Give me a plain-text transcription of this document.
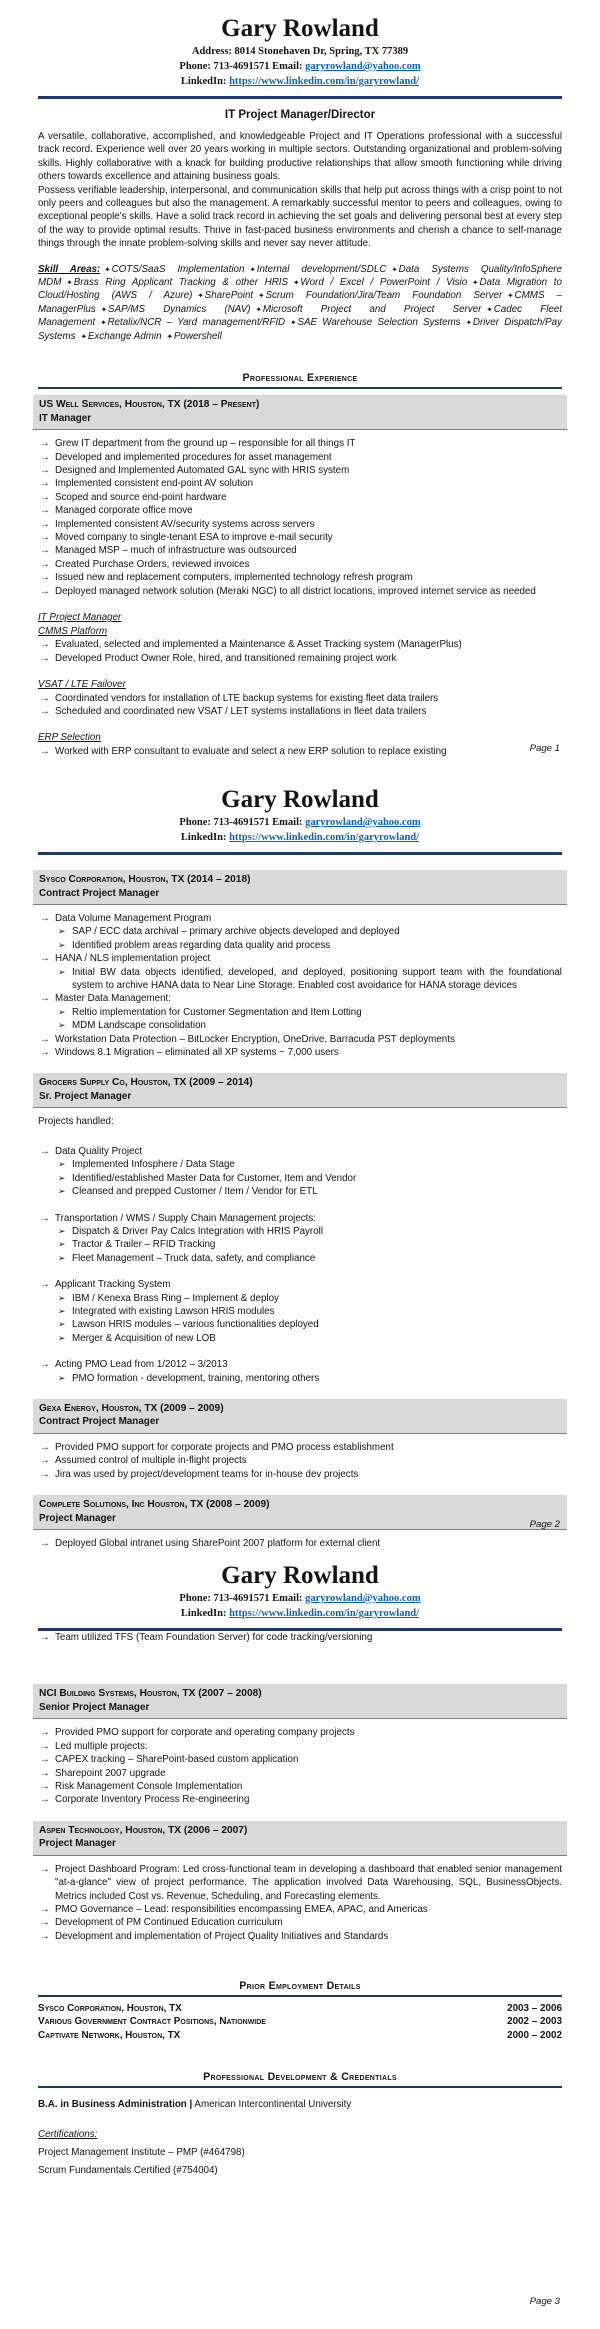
Gary Rowland
Address: 8014 Stonehaven Dr, Spring, TX 77389
Phone: 713-4691571 Email: garyrowland@yahoo.com
LinkedIn: https://www.linkedin.com/in/garyrowland/
IT Project Manager/Director

A versatile, collaborative, accomplished, and knowledgeable Project and IT Operations professional with a successful track record. Experience well over 20 years working in multiple sectors. Outstanding organizational and problem-solving skills. Highly collaborative with a knack for building productive relationships that allow smooth functioning while driving others towards excellence and attaining business goals.

Possess verifiable leadership, interpersonal, and communication skills that help put across things with a crisp point to not only peers and colleagues but also the management. A remarkably successful mentor to peers and colleagues, owing to exceptional people's skills. Have a solid track record in achieving the set goals and delivering personal best at every step of the way to provide optimal results. Thrive in fast-paced business environments and cherish a chance to self-manage things through the innate problem-solving skills and never say never attitude.

Skill Areas: ✦COTS/SaaS Implementation ✦Internal development/SDLC ✦Data Systems Quality/InfoSphere MDM ✦Brass Ring Applicant Tracking & other HRIS ✦Word / Excel / PowerPoint / Visio ✦Data Migration to Cloud/Hosting (AWS / Azure) ✦SharePoint ✦Scrum Foundation/Jira/Team Foundation Server ✦CMMS – ManagerPlus ✦SAP/MS Dynamics (NAV) ✦Microsoft Project and Project Server ✦Cadec Fleet Management ✦Retalix/NCR – Yard management/RFID ✦SAE Warehouse Selection Systems ✦Driver Dispatch/Pay Systems ✦Exchange Admin ✦Powershell

Professional Experience
US Well Services, Houston, TX (2018 – Present)
IT Manager
→ Grew IT department from the ground up – responsible for all things IT
→ Developed and implemented procedures for asset management
→ Designed and Implemented Automated GAL sync with HRIS system
→ Implemented consistent end-point AV solution
→ Scoped and source end-point hardware
→ Managed corporate office move
→ Implemented consistent AV/security systems across servers
→ Moved company to single-tenant ESA to improve e-mail security
→ Managed MSP – much of infrastructure was outsourced
→ Created Purchase Orders, reviewed invoices
→ Issued new and replacement computers, implemented technology refresh program
→ Deployed managed network solution (Meraki NGC) to all district locations, improved internet service as needed
IT Project Manager
CMMS Platform
→ Evaluated, selected and implemented a Maintenance & Asset Tracking system (ManagerPlus)
→ Developed Product Owner Role, hired, and transitioned remaining project work
VSAT / LTE Failover
→ Coordinated vendors for installation of LTE backup systems for existing fleet data trailers
→ Scheduled and coordinated new VSAT / LET systems installations in fleet data trailers
ERP Selection
→ Worked with ERP consultant to evaluate and select a new ERP solution to replace existing	Page 1
Gary Rowland
Phone: 713-4691571 Email: garyrowland@yahoo.com
LinkedIn: https://www.linkedin.com/in/garyrowland/
Sysco Corporation, Houston, TX (2014 – 2018)
Contract Project Manager
→ Data Volume Management Program
➢ SAP / ECC data archival – primary archive objects developed and deployed
➢ Identified problem areas regarding data quality and process
→ HANA / NLS implementation project
➢ Initial BW data objects identified, developed, and deployed, positioning support team with the foundational system to archive HANA data to Near Line Storage. Enabled cost avoidance for HANA storage devices
→ Master Data Management:
➢ Reltio implementation for Customer Segmentation and Item Lotting
➢ MDM Landscape consolidation
→ Workstation Data Protection – BitLocker Encryption, OneDrive, Barracuda PST deployments
→ Windows 8.1 Migration – eliminated all XP systems ~ 7,000 users
Grocers Supply Co, Houston, TX (2009 – 2014)
Sr. Project Manager

Projects handled:

→ Data Quality Project
➢ Implemented Infosphere / Data Stage
➢ Identified/established Master Data for Customer, Item and Vendor
➢ Cleansed and prepped Customer / Item / Vendor for ETL
→ Transportation / WMS / Supply Chain Management projects:
➢ Dispatch & Driver Pay Calcs Integration with HRIS Payroll
➢ Tractor & Trailer – RFID Tracking
➢ Fleet Management – Truck data, safety, and compliance
→ Applicant Tracking System
➢ IBM / Kenexa Brass Ring – Implement & deploy
➢ Integrated with existing Lawson HRIS modules
➢ Lawson HRIS modules – various functionalities deployed
➢ Merger & Acquisition of new LOB
→ Acting PMO Lead from 1/2012 – 3/2013
➢ PMO formation - development, training, mentoring others
Gexa Energy, Houston, TX (2009 – 2009)
Contract Project Manager
→ Provided PMO support for corporate projects and PMO process establishment
→ Assumed control of multiple in-flight projects
→ Jira was used by project/development teams for in-house dev projects
Complete Solutions, Inc Houston, TX (2008 – 2009)
Project Manager
→ Deployed Global intranet using SharePoint 2007 platform for external client
Page 2
Gary Rowland
Phone: 713-4691571 Email: garyrowland@yahoo.com
LinkedIn: https://www.linkedin.com/in/garyrowland/
→ Team utilized TFS (Team Foundation Server) for code tracking/versioning
NCI Building Systems, Houston, TX (2007 – 2008)
Senior Project Manager
→ Provided PMO support for corporate and operating company projects
→ Led multiple projects:
→ CAPEX tracking – SharePoint-based custom application
→ Sharepoint 2007 upgrade
→ Risk Management Console Implementation
→ Corporate Inventory Process Re-engineering
Aspen Technology, Houston, TX (2006 – 2007)
Project Manager
→ Project Dashboard Program: Led cross-functional team in developing a dashboard that enabled senior management "at-a-glance" view of project performance. The application involved Data Warehousing, SQL, BusinessObjects. Metrics included Cost vs. Revenue, Scheduling, and Forecasting elements.
→ PMO Governance – Lead: responsibilities encompassing EMEA, APAC, and Americas
→ Development of PM Continued Education curriculum
→ Development and implementation of Project Quality Initiatives and Standards
Prior Employment Details
Sysco Corporation, Houston, TX	2003 – 2006
Various Government Contract Positions, Nationwide	2002 – 2003
Captivate Network, Houston, TX	2000 – 2002
Professional Development & Credentials

B.A. in Business Administration | American Intercontinental University

Certifications:

Project Management Institute – PMP (#464798)

Scrum Fundamentals Certified (#754004)

Page 3
